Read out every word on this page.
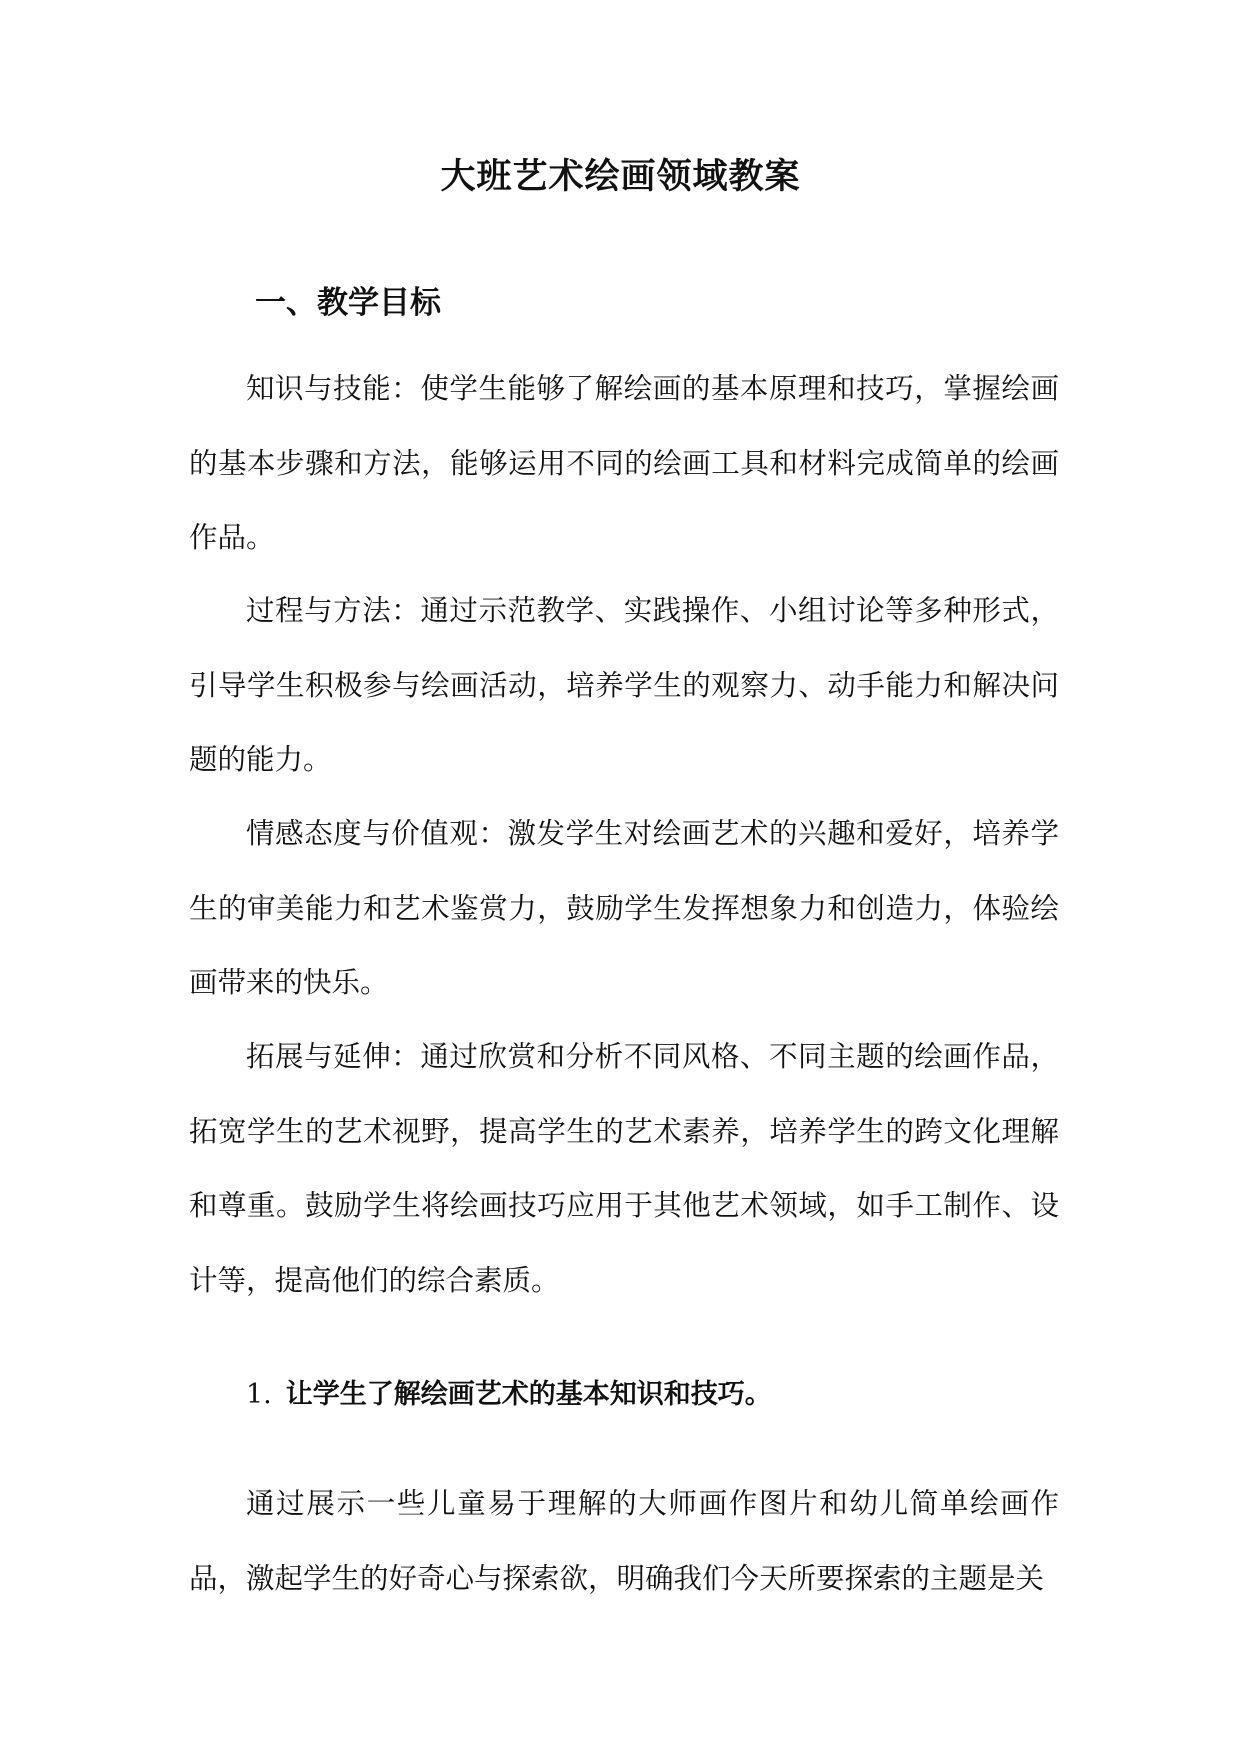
大班艺术绘画领域教案
一、教学目标

知识与技能：使学生能够了解绘画的基本原理和技巧，掌握绘画的基本步骤和方法，能够运用不同的绘画工具和材料完成简单的绘画作品。

过程与方法：通过示范教学、实践操作、小组讨论等多种形式，引导学生积极参与绘画活动，培养学生的观察力、动手能力和解决问题的能力。

情感态度与价值观：激发学生对绘画艺术的兴趣和爱好，培养学生的审美能力和艺术鉴赏力，鼓励学生发挥想象力和创造力，体验绘画带来的快乐。

拓展与延伸：通过欣赏和分析不同风格、不同主题的绘画作品，拓宽学生的艺术视野，提高学生的艺术素养，培养学生的跨文化理解和尊重。鼓励学生将绘画技巧应用于其他艺术领域，如手工制作、设计等，提高他们的综合素质。

1. 让学生了解绘画艺术的基本知识和技巧。

通过展示一些儿童易于理解的大师画作图片和幼儿简单绘画作品，激起学生的好奇心与探索欲，明确我们今天所要探索的主题是关
